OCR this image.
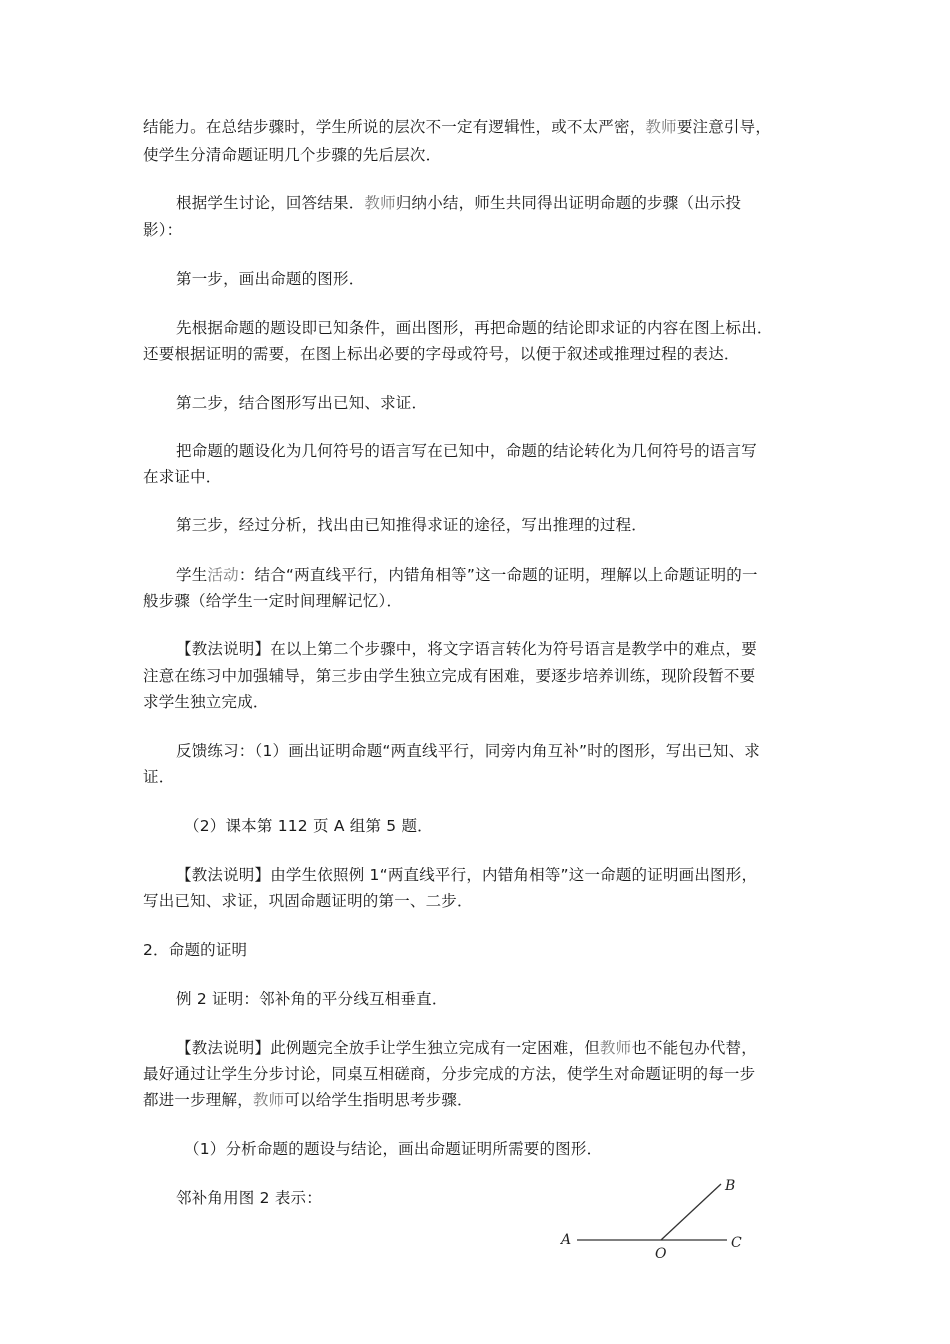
结能力。在总结步骤时，学生所说的层次不一定有逻辑性，或不太严密，教师要注意引导，
使学生分清命题证明几个步骤的先后层次．
根据学生讨论，回答结果．教师归纳小结，师生共同得出证明命题的步骤（出示投
影）：
第一步，画出命题的图形．
先根据命题的题设即已知条件，画出图形，再把命题的结论即求证的内容在图上标出．
还要根据证明的需要，在图上标出必要的字母或符号，以便于叙述或推理过程的表达．
第二步，结合图形写出已知、求证．
把命题的题设化为几何符号的语言写在已知中，命题的结论转化为几何符号的语言写
在求证中．
第三步，经过分析，找出由已知推得求证的途径，写出推理的过程．
学生活动：结合“两直线平行，内错角相等”这一命题的证明，理解以上命题证明的一
般步骤（给学生一定时间理解记忆）．
【教法说明】在以上第二个步骤中，将文字语言转化为符号语言是教学中的难点，要
注意在练习中加强辅导，第三步由学生独立完成有困难，要逐步培养训练，现阶段暂不要
求学生独立完成．
反馈练习：（1）画出证明命题“两直线平行，同旁内角互补”时的图形，写出已知、求
证．
（2）课本第 112 页 A 组第 5 题．
【教法说明】由学生依照例 1“两直线平行，内错角相等”这一命题的证明画出图形，
写出已知、求证，巩固命题证明的第一、二步．
2．命题的证明
例 2 证明：邻补角的平分线互相垂直．
【教法说明】此例题完全放手让学生独立完成有一定困难，但教师也不能包办代替，
最好通过让学生分步讨论，同桌互相磋商，分步完成的方法，使学生对命题证明的每一步
都进一步理解，教师可以给学生指明思考步骤．
（1）分析命题的题设与结论，画出命题证明所需要的图形．
邻补角用图 2 表示：
A
O
C
B
